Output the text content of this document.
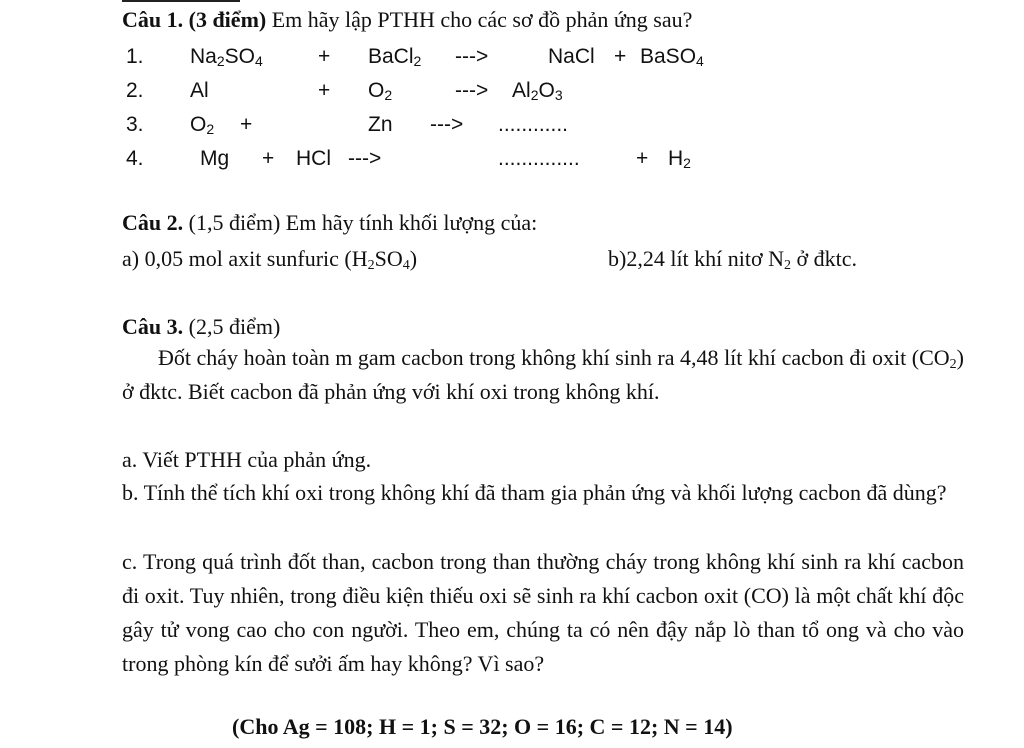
Câu 1. (3 điểm) Em hãy lập PTHH cho các sơ đồ phản ứng sau?
1. $Na_2SO_4$	+ BaCl$_2$ --->	NaCl + BaSO$_4$
2. Al	+ $O_2$	---> $Al_2O_3$
3. $O_2$ +	Zn ---> ............
4.	Mg + HCl --->	..............	+ $H_2$
Câu 2. (1,5 điểm) Em hãy tính khối lượng của:
a) 0,05 mol axit sunfuric $(H_2SO_4)$	b)2,24 lít khí nitơ $N_2$ ở đktc.
Câu 3. (2,5 điểm)
Đốt cháy hoàn toàn m gam cacbon trong không khí sinh ra 4,48 lít khí cacbon đi oxit $(CO_2)$ ở đktc. Biết cacbon đã phản ứng với khí oxi trong không khí.
a. Viết PTHH của phản ứng.
b. Tính thể tích khí oxi trong không khí đã tham gia phản ứng và khối lượng cacbon đã dùng?
c. Trong quá trình đốt than, cacbon trong than thường cháy trong không khí sinh ra khí cacbon đi oxit. Tuy nhiên, trong điều kiện thiếu oxi sẽ sinh ra khí cacbon oxit (CO) là một chất khí độc gây tử vong cao cho con người. Theo em, chúng ta có nên đậy nắp lò than tổ ong và cho vào trong phòng kín để sưởi ấm hay không? Vì sao?
(Cho Ag = 108; H = 1; S = 32; O = 16; C = 12; N = 14)
